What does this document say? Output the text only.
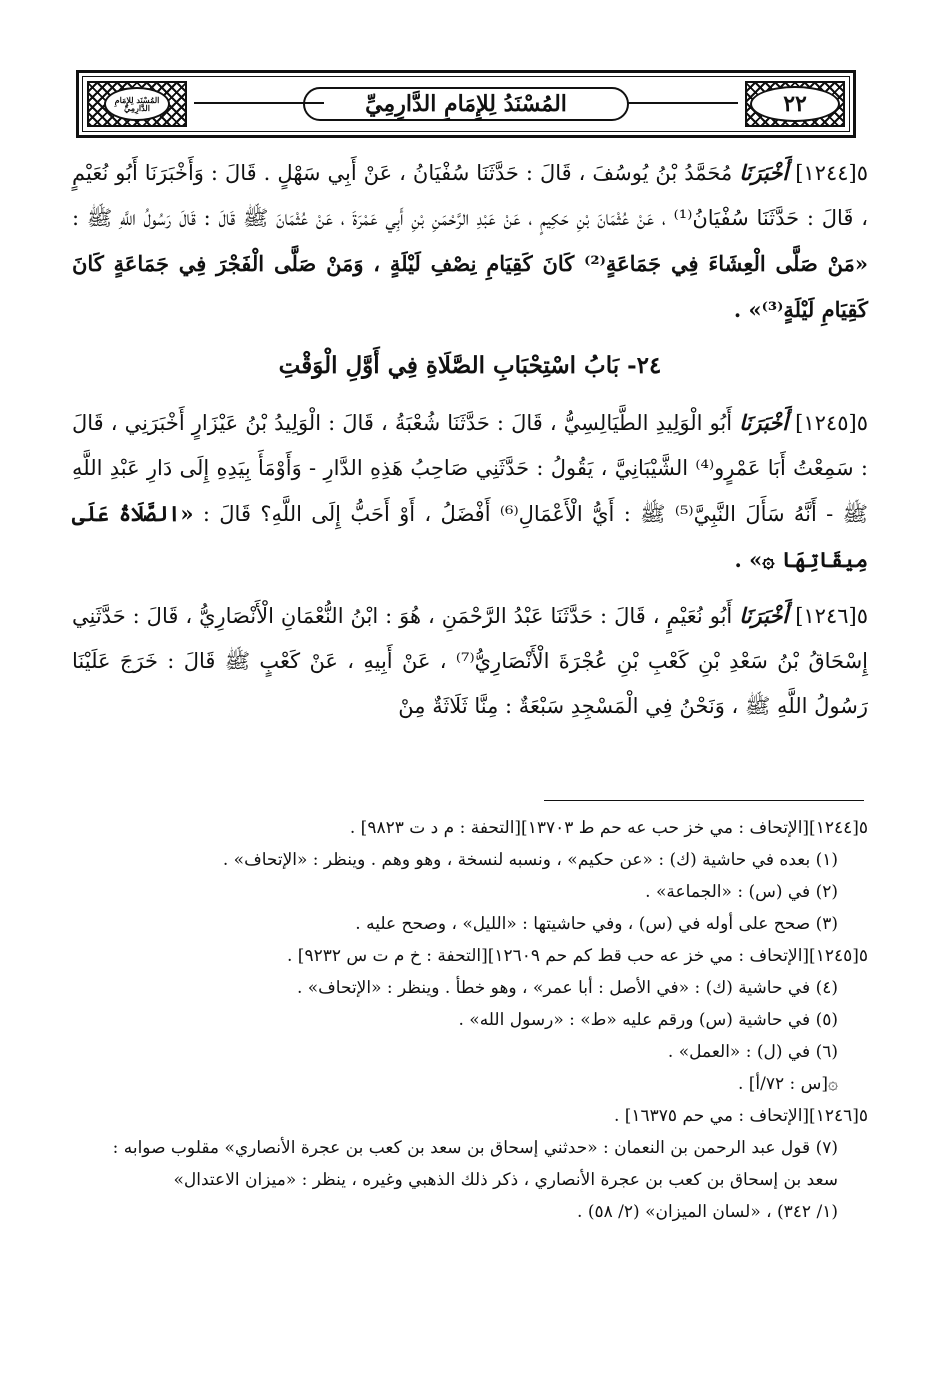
٢٢
المُسْنَدُ لِلإِمَامِ الدَّارِمِيِّ
المُسْنَد لِلإِمَامِ الدَّارِمِيِّ

٥[١٢٤٤] أَخْبَرَنَا مُحَمَّدُ بْنُ يُوسُفَ ، قَالَ : حَدَّثَنَا سُفْيَانُ ، عَنْ أَبِي سَهْلٍ . قَالَ : وَأَخْبَرَنَا أَبُو نُعَيْمٍ ، قَالَ : حَدَّثَنَا سُفْيَانُ⁽¹⁾ ، عَنْ عُثْمَانَ بْنِ حَكِيمٍ ، عَنْ عَبْدِ الرَّحْمَنِ بْنِ أَبِي عَمْرَةَ ، عَنْ عُثْمَانَ ﷺ قَالَ : قَالَ رَسُولُ اللَّهِ ﷺ : «مَنْ صَلَّى الْعِشَاءَ فِي جَمَاعَةٍ⁽²⁾ كَانَ كَقِيَامِ نِصْفِ لَيْلَةٍ ، وَمَنْ صَلَّى الْفَجْرَ فِي جَمَاعَةٍ كَانَ كَقِيَامِ لَيْلَةٍ⁽³⁾» .

٢٤- بَابُ اسْتِحْبَابِ الصَّلَاةِ فِي أَوَّلِ الْوَقْتِ

٥[١٢٤٥] أَخْبَرَنَا أَبُو الْوَلِيدِ الطَّيَالِسِيُّ ، قَالَ : حَدَّثَنَا شُعْبَةُ ، قَالَ : الْوَلِيدُ بْنُ عَيْزَارٍ أَخْبَرَنِي ، قَالَ : سَمِعْتُ أَبَا عَمْرٍو⁽⁴⁾ الشَّيْبَانِيَّ ، يَقُولُ : حَدَّثَنِي صَاحِبُ هَذِهِ الدَّارِ - وَأَوْمَأَ بِيَدِهِ إِلَى دَارِ عَبْدِ اللَّهِ ﷺ - أَنَّهُ سَأَلَ النَّبِيَّ⁽⁵⁾ ﷺ : أَيُّ الْأَعْمَالِ⁽⁶⁾ أَفْضَلُ ، أَوْ أَحَبُّ إِلَى اللَّهِ؟ قَالَ : «الصَّلَاةُ عَلَى مِيقَاتِهَا ۞» .

٥[١٢٤٦] أَخْبَرَنَا أَبُو نُعَيْمٍ ، قَالَ : حَدَّثَنَا عَبْدُ الرَّحْمَنِ ، هُوَ : ابْنُ النُّعْمَانِ الْأَنْصَارِيُّ ، قَالَ : حَدَّثَنِي إِسْحَاقُ بْنُ سَعْدِ بْنِ كَعْبِ بْنِ عُجْرَةَ الْأَنْصَارِيُّ⁽⁷⁾ ، عَنْ أَبِيهِ ، عَنْ كَعْبٍ ﷺ قَالَ : خَرَجَ عَلَيْنَا رَسُولُ اللَّهِ ﷺ ، وَنَحْنُ فِي الْمَسْجِدِ سَبْعَةٌ : مِنَّا ثَلَاثَةٌ مِنْ

٥[١٢٤٤][الإتحاف : مي خز حب عه حم ط ١٣٧٠٣][التحفة : م د ت ٩٨٢٣] .

(١) بعده في حاشية (ك) : «عن حكيم» ، ونسبه لنسخة ، وهو وهم . وينظر : «الإتحاف» .

(٢) في (س) : «الجماعة» .

(٣) صحح على أوله في (س) ، وفي حاشيتها : «الليل» ، وصحح عليه .

٥[١٢٤٥][الإتحاف : مي خز عه حب قط كم حم ١٢٦٠٩][التحفة : خ م ت س ٩٢٣٢] .

(٤) في حاشية (ك) : «في الأصل : أبا عمر» ، وهو خطأ . وينظر : «الإتحاف» .

(٥) في حاشية (س) ورقم عليه «ط» : «رسول الله» .

(٦) في (ل) : «العمل» .

۞[س : ٧٢/أ] .

٥[١٢٤٦][الإتحاف : مي حم ١٦٣٧٥] .

(٧) قول عبد الرحمن بن النعمان : «حدثني إسحاق بن سعد بن كعب بن عجرة الأنصاري» مقلوب صوابه :

سعد بن إسحاق بن كعب بن عجرة الأنصاري ، ذكر ذلك الذهبي وغيره ، ينظر : «ميزان الاعتدال»

(١/ ٣٤٢) ، «لسان الميزان» (٢/ ٥٨) .
